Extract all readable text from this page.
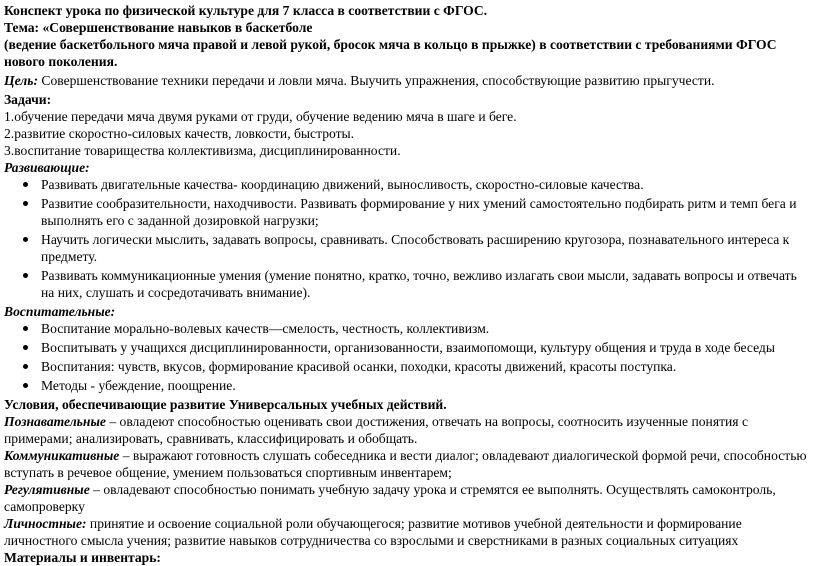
Конспект урока по физической культуре для 7 класса в соответствии с ФГОС.

Тема: «Совершенствование навыков в баскетболе

(ведение баскетбольного мяча правой и левой рукой, бросок мяча в кольцо в прыжке) в соответствии с требованиями ФГОС нового поколения.

Цель: Совершенствование техники передачи и ловли мяча. Выучить упражнения, способствующие развитию прыгучести.

Задачи:

1.обучение передачи мяча двумя руками от груди, обучение ведению мяча в шаге и беге.

2.развитие скоростно-силовых качеств, ловкости, быстроты.

3.воспитание товарищества коллективизма, дисциплинированности.

Развивающие:

Развивать двигательные качества- координацию движений, выносливость, скоростно-силовые качества.
Развитие сообразительности, находчивости. Развивать формирование у них умений самостоятельно подбирать ритм и темп бега и выполнять его с заданной дозировкой нагрузки;
Научить логически мыслить, задавать вопросы, сравнивать. Способствовать расширению кругозора, познавательного интереса к предмету.
Развивать коммуникационные умения (умение понятно, кратко, точно, вежливо излагать свои мысли, задавать вопросы и отвечать на них, слушать и сосредотачивать внимание).

Воспитательные:

Воспитание морально-волевых качеств—смелость, честность, коллективизм.
Воспитывать у учащихся дисциплинированности, организованности, взаимопомощи, культуру общения и труда в ходе беседы
Воспитания: чувств, вкусов, формирование красивой осанки, походки, красоты движений, красоты поступка.
Методы - убеждение, поощрение.

Условия, обеспечивающие развитие Универсальных учебных действий.

Познавательные – овладеют способностью оценивать свои достижения, отвечать на вопросы, соотносить изученные понятия с примерами; анализировать, сравнивать, классифицировать и обобщать.

Коммуникативные – выражают готовность слушать собеседника и вести диалог; овладевают диалогической формой речи, способностью вступать в речевое общение, умением пользоваться спортивным инвентарем;

Регулятивные – овладевают способностью понимать учебную задачу урока и стремятся ее выполнять. Осуществлять самоконтроль, самопроверку

Личностные: принятие и освоение социальной роли обучающегося; развитие мотивов учебной деятельности и формирование личностного смысла учения; развитие навыков сотрудничества со взрослыми и сверстниками в разных социальных ситуациях

Материалы и инвентарь:
